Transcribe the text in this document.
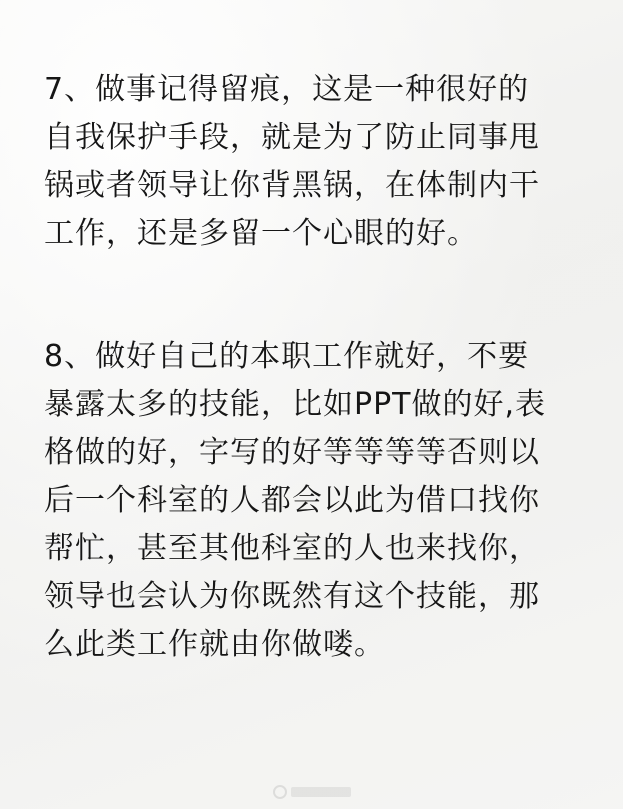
7、做事记得留痕，这是一种很好的
自我保护手段，就是为了防止同事甩
锅或者领导让你背黑锅，在体制内干
工作，还是多留一个心眼的好。

8、做好自己的本职工作就好，不要
暴露太多的技能，比如PPT做的好,表
格做的好，字写的好等等等等否则以
后一个科室的人都会以此为借口找你
帮忙，甚至其他科室的人也来找你，
领导也会认为你既然有这个技能，那
么此类工作就由你做喽。
